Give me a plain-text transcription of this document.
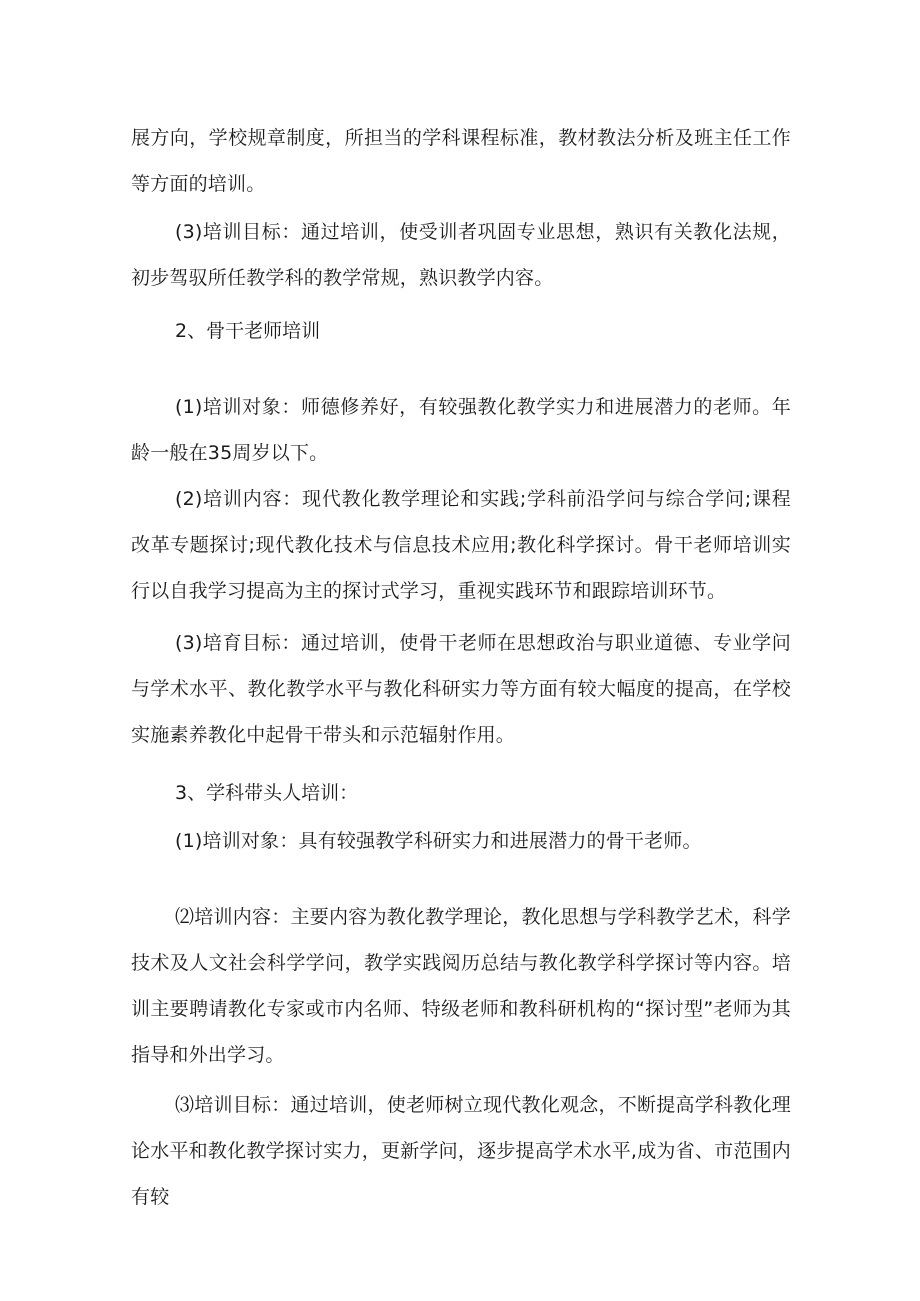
展方向，学校规章制度，所担当的学科课程标准，教材教法分析及班主任工作等方面的培训。

(3)培训目标：通过培训，使受训者巩固专业思想，熟识有关教化法规，初步驾驭所任教学科的教学常规，熟识教学内容。

2、骨干老师培训

(1)培训对象：师德修养好，有较强教化教学实力和进展潜力的老师。年龄一般在35周岁以下。

(2)培训内容：现代教化教学理论和实践;学科前沿学问与综合学问;课程改革专题探讨;现代教化技术与信息技术应用;教化科学探讨。骨干老师培训实行以自我学习提高为主的探讨式学习，重视实践环节和跟踪培训环节。

(3)培育目标：通过培训，使骨干老师在思想政治与职业道德、专业学问与学术水平、教化教学水平与教化科研实力等方面有较大幅度的提高，在学校实施素养教化中起骨干带头和示范辐射作用。

3、学科带头人培训：

(1)培训对象：具有较强教学科研实力和进展潜力的骨干老师。

⑵培训内容：主要内容为教化教学理论，教化思想与学科教学艺术，科学技术及人文社会科学学问，教学实践阅历总结与教化教学科学探讨等内容。培训主要聘请教化专家或市内名师、特级老师和教科研机构的“探讨型”老师为其指导和外出学习。

⑶培训目标：通过培训，使老师树立现代教化观念，不断提高学科教化理论水平和教化教学探讨实力，更新学问，逐步提高学术水平,成为省、市范围内有较
